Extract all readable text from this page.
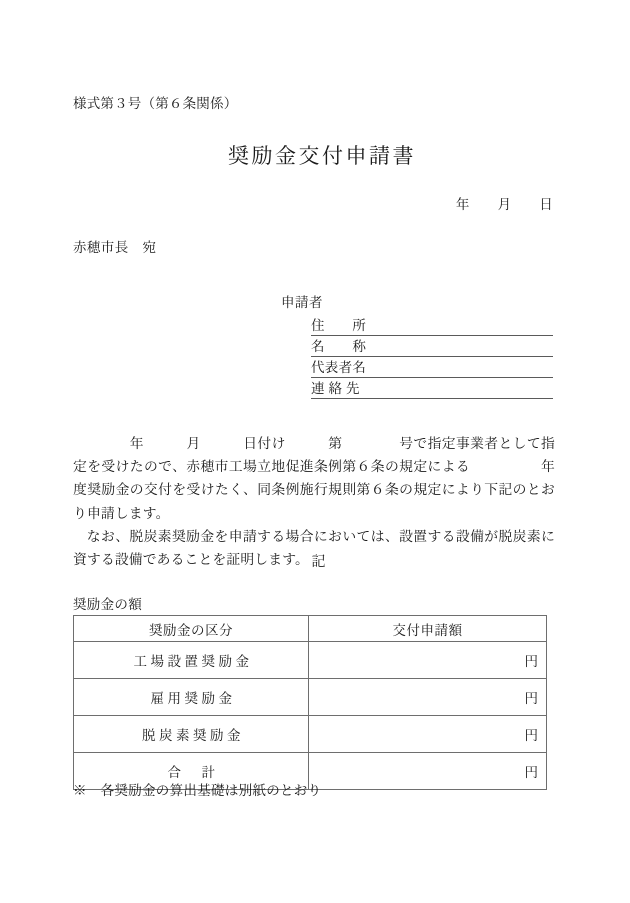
様式第３号（第６条関係）
奨励金交付申請書
年 月 日
赤穂市長　宛
申請者
住　　所
名　　称
代表者名
連 絡 先

　　　　年　　　月　　　日付け　　　第　　　　号で指定事業者として指定を受けたので、赤穂市工場立地促進条例第６条の規定による　　　　　年度奨励金の交付を受けたく、同条例施行規則第６条の規定により下記のとおり申請します。

なお、脱炭素奨励金を申請する場合においては、設置する設備が脱炭素に資する設備であることを証明します。 記
奨励金の額
奨励金の区分	交付申請額
工場設置奨励金	円
雇用奨励金	円
脱炭素奨励金	円
合　計	円
※　各奨励金の算出基礎は別紙のとおり
